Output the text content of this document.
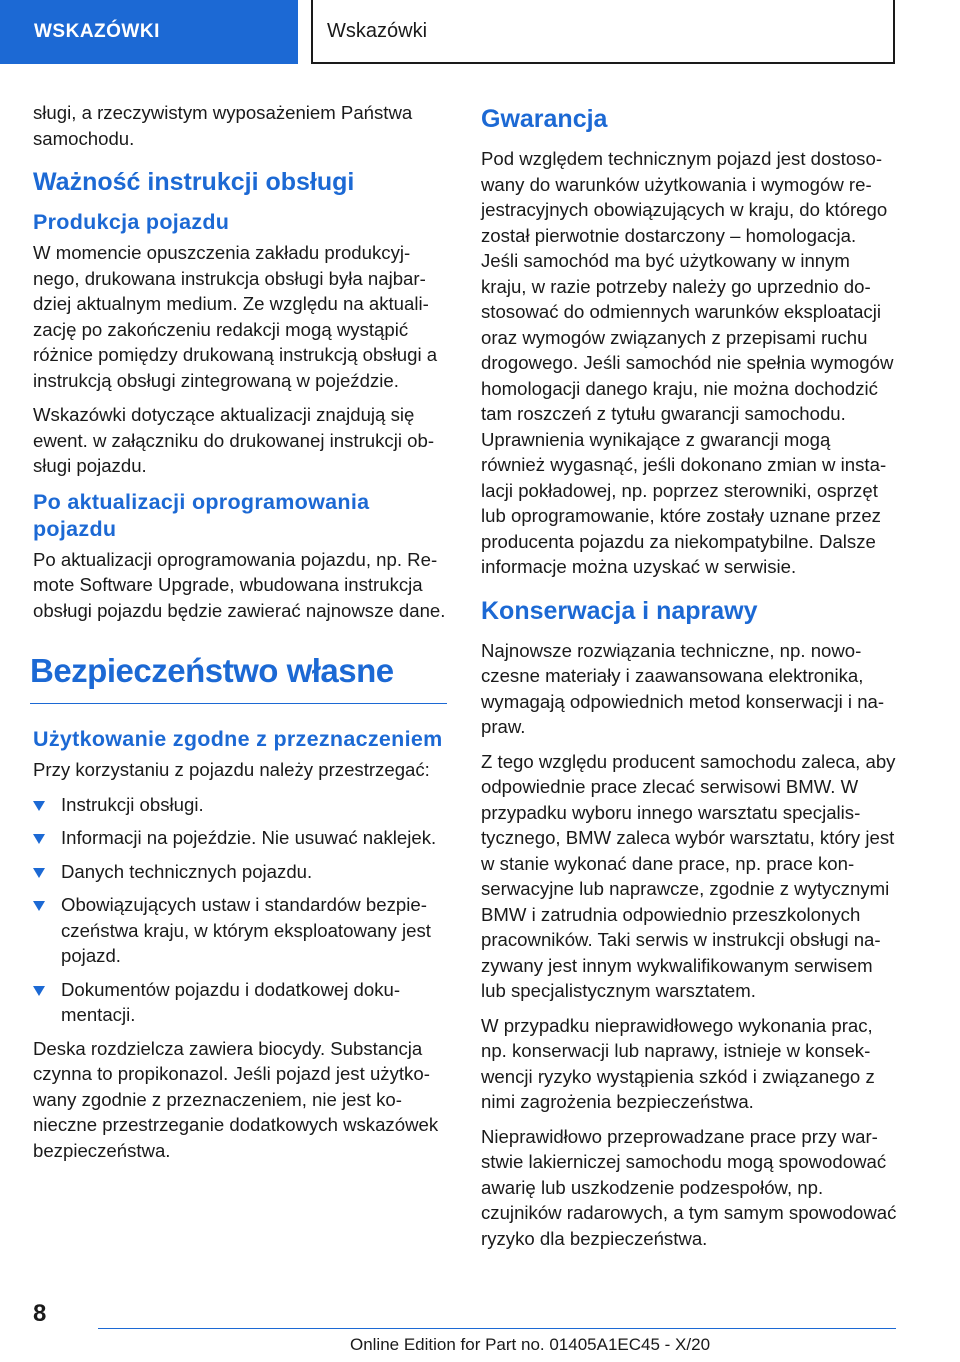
WSKAZÓWKI	Wskazówki

sługi, a rzeczywistym wyposażeniem Państwa samochodu.

Ważność instrukcji obsługi
Produkcja pojazdu

W momencie opuszczenia zakładu produkcyjnego, drukowana instrukcja obsługi była najbardziej aktualnym medium. Ze względu na aktualizację po zakończeniu redakcji mogą wystąpić różnice pomiędzy drukowaną instrukcją obsługi a instrukcją obsługi zintegrowaną w pojeździe.

Wskazówki dotyczące aktualizacji znajdują się ewent. w załączniku do drukowanej instrukcji obsługi pojazdu.

Po aktualizacji oprogramowania pojazdu

Po aktualizacji oprogramowania pojazdu, np. Remote Software Upgrade, wbudowana instrukcja obsługi pojazdu będzie zawierać najnowsze dane.

Bezpieczeństwo własne
Użytkowanie zgodne z przeznaczeniem

Przy korzystaniu z pojazdu należy przestrzegać:

Instrukcji obsługi.
Informacji na pojeździe. Nie usuwać naklejek.
Danych technicznych pojazdu.
Obowiązujących ustaw i standardów bezpieczeństwa kraju, w którym eksploatowany jest pojazd.
Dokumentów pojazdu i dodatkowej dokumentacji.

Deska rozdzielcza zawiera biocydy. Substancja czynna to propikonazol. Jeśli pojazd jest użytkowany zgodnie z przeznaczeniem, nie jest konieczne przestrzeganie dodatkowych wskazówek bezpieczeństwa.

Gwarancja

Pod względem technicznym pojazd jest dostosowany do warunków użytkowania i wymogów rejestracyjnych obowiązujących w kraju, do którego został pierwotnie dostarczony – homologacja. Jeśli samochód ma być użytkowany w innym kraju, w razie potrzeby należy go uprzednio dostosować do odmiennych warunków eksploatacji oraz wymogów związanych z przepisami ruchu drogowego. Jeśli samochód nie spełnia wymogów homologacji danego kraju, nie można dochodzić tam roszczeń z tytułu gwarancji samochodu. Uprawnienia wynikające z gwarancji mogą również wygasnąć, jeśli dokonano zmian w instalacji pokładowej, np. poprzez sterowniki, osprzęt lub oprogramowanie, które zostały uznane przez producenta pojazdu za niekompatybilne. Dalsze informacje można uzyskać w serwisie.

Konserwacja i naprawy

Najnowsze rozwiązania techniczne, np. nowoczesne materiały i zaawansowana elektronika, wymagają odpowiednich metod konserwacji i napraw.

Z tego względu producent samochodu zaleca, aby odpowiednie prace zlecać serwisowi BMW. W przypadku wyboru innego warsztatu specjalistycznego, BMW zaleca wybór warsztatu, który jest w stanie wykonać dane prace, np. prace konserwacyjne lub naprawcze, zgodnie z wytycznymi BMW i zatrudnia odpowiednio przeszkolonych pracowników. Taki serwis w instrukcji obsługi nazywany jest innym wykwalifikowanym serwisem lub specjalistycznym warsztatem.

W przypadku nieprawidłowego wykonania prac, np. konserwacji lub naprawy, istnieje w konsekwencji ryzyko wystąpienia szkód i związanego z nimi zagrożenia bezpieczeństwa.

Nieprawidłowo przeprowadzane prace przy warstwie lakierniczej samochodu mogą spowodować awarię lub uszkodzenie podzespołów, np. czujników radarowych, a tym samym spowodować ryzyko dla bezpieczeństwa.

8
Online Edition for Part no. 01405A1EC45 - X/20
